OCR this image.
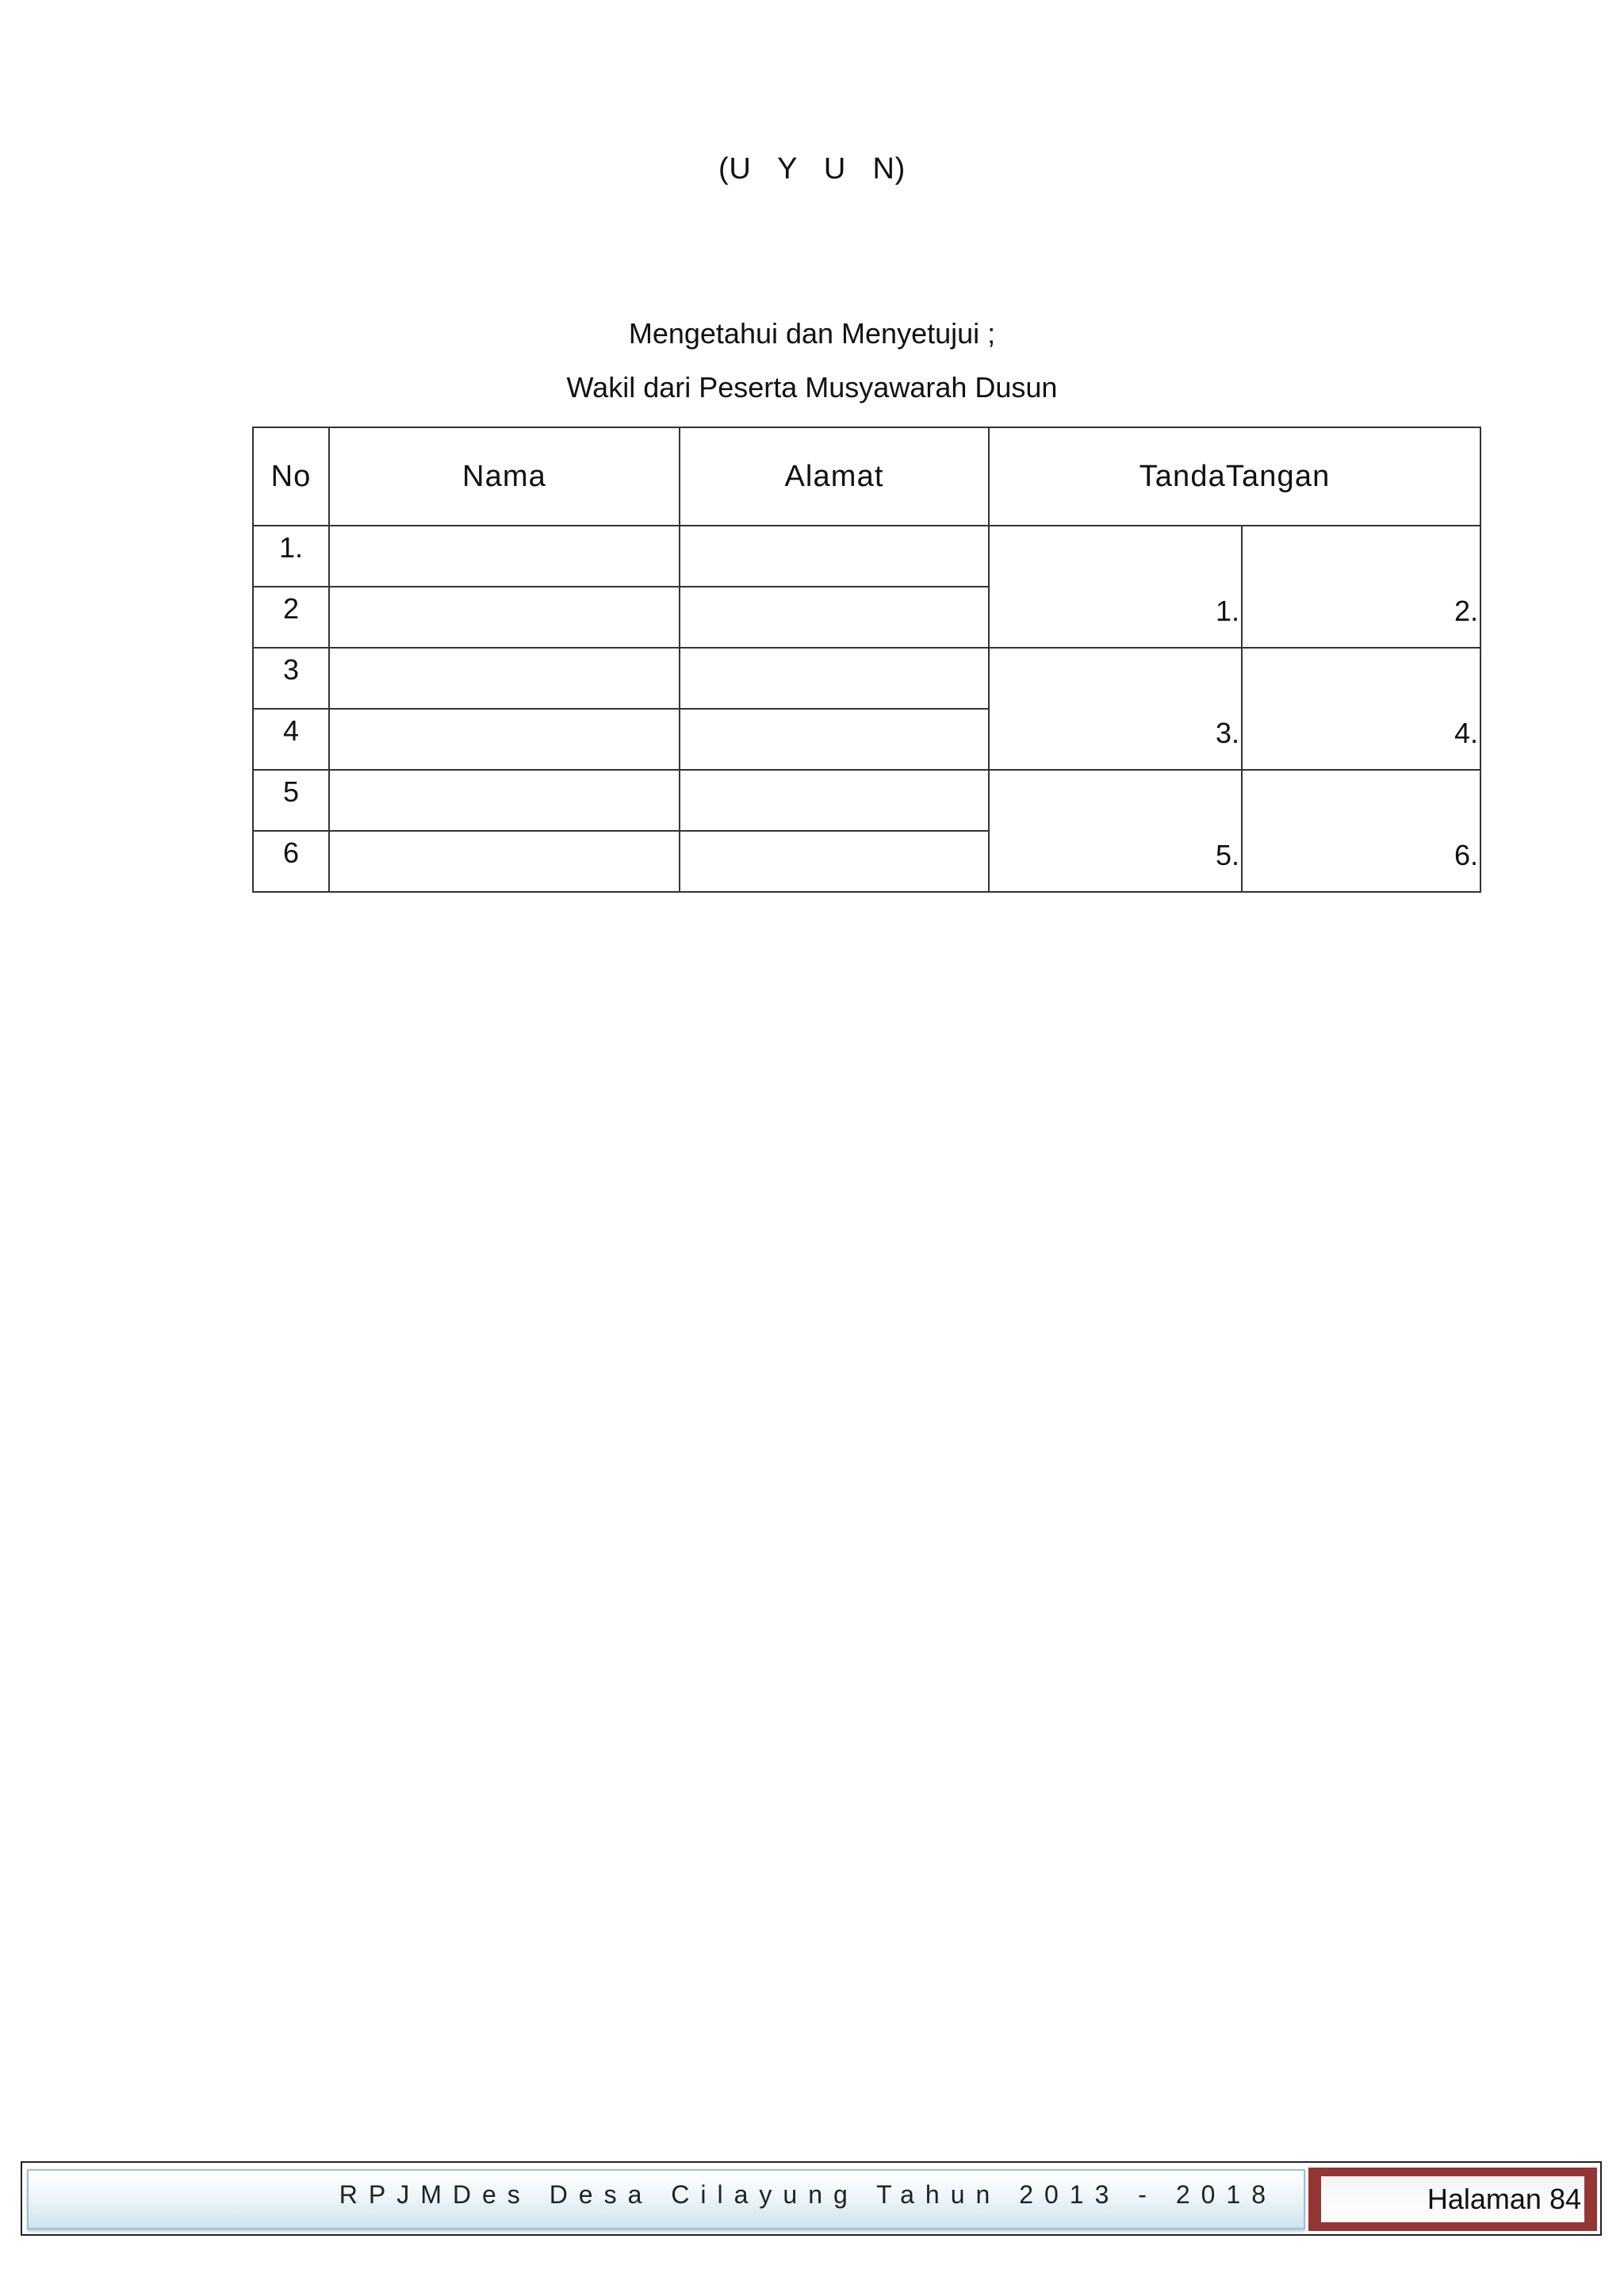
(U Y U N)
Mengetahui dan Menyetujui ;
Wakil dari Peserta Musyawarah Dusun
No	Nama	Alamat	TandaTangan	
1.			1.	2.
2				
3			3.	4.
4				
5			5.	6.
6				
RPJMDes Desa Cilayung Tahun 2013 - 2018	Halaman 84
